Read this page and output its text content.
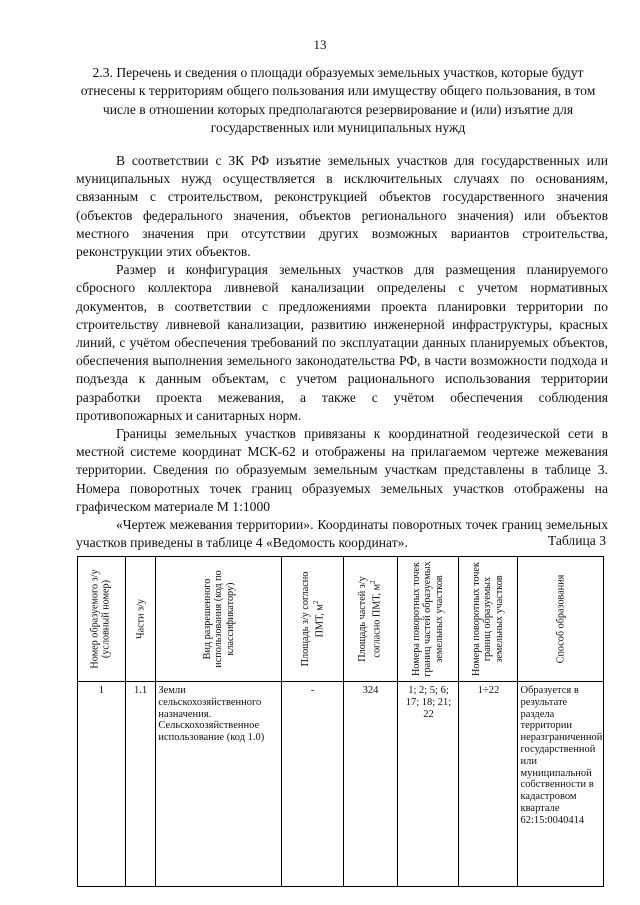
13
2.3. Перечень и сведения о площади образуемых земельных участков, которые будут отнесены к территориям общего пользования или имуществу общего пользования, в том числе в отношении которых предполагаются резервирование и (или) изъятие для государственных или муниципальных нужд

В соответствии с ЗК РФ изъятие земельных участков для государственных или муниципальных нужд осуществляется в исключительных случаях по основаниям, связанным с строительством, реконструкцией объектов государственного значения (объектов федерального значения, объектов регионального значения) или объектов местного значения при отсутствии других возможных вариантов строительства, реконструкции этих объектов.

Размер и конфигурация земельных участков для размещения планируемого сбросного коллектора ливневой канализации определены с учетом нормативных документов, в соответствии с предложениями проекта планировки территории по строительству ливневой канализации, развитию инженерной инфраструктуры, красных линий, с учётом обеспечения требований по эксплуатации данных планируемых объектов, обеспечения выполнения земельного законодательства РФ, в части возможности подхода и подъезда к данным объектам, с учетом рационального использования территории разработки проекта межевания, а также с учётом обеспечения соблюдения противопожарных и санитарных норм.

Границы земельных участков привязаны к координатной геодезической сети в местной системе координат МСК-62 и отображены на прилагаемом чертеже межевания территории. Сведения по образуемым земельным участкам представлены в таблице 3. Номера поворотных точек границ образуемых земельных участков отображены на графическом материале М 1:1000

«Чертеж межевания территории». Координаты поворотных точек границ земельных участков приведены в таблице 4 «Ведомость координат».	Таблица 3
Номер образуемого з/у (условный номер)	Части з/у	Вид разрешенного использования (код по классификатору)	Площадь з/у согласно ПМТ, $м^2$	Площадь частей з/у согласно ПМТ, $м^2$	Номера поворотных точек границ частей образуемых земельных участков	Номера поворотных точек границ образуемых земельных участков	Способ образования

1	1.1	Земли сельскохозяйственного назначения. Сельскохозяйственное использование (код 1.0)	-	324	1; 2; 5; 6; 17; 18; 21; 22	1÷22	Образуется в результате раздела территории неразграниченной государственной или муниципальной собственности в кадастровом квартале 62:15:0040414
